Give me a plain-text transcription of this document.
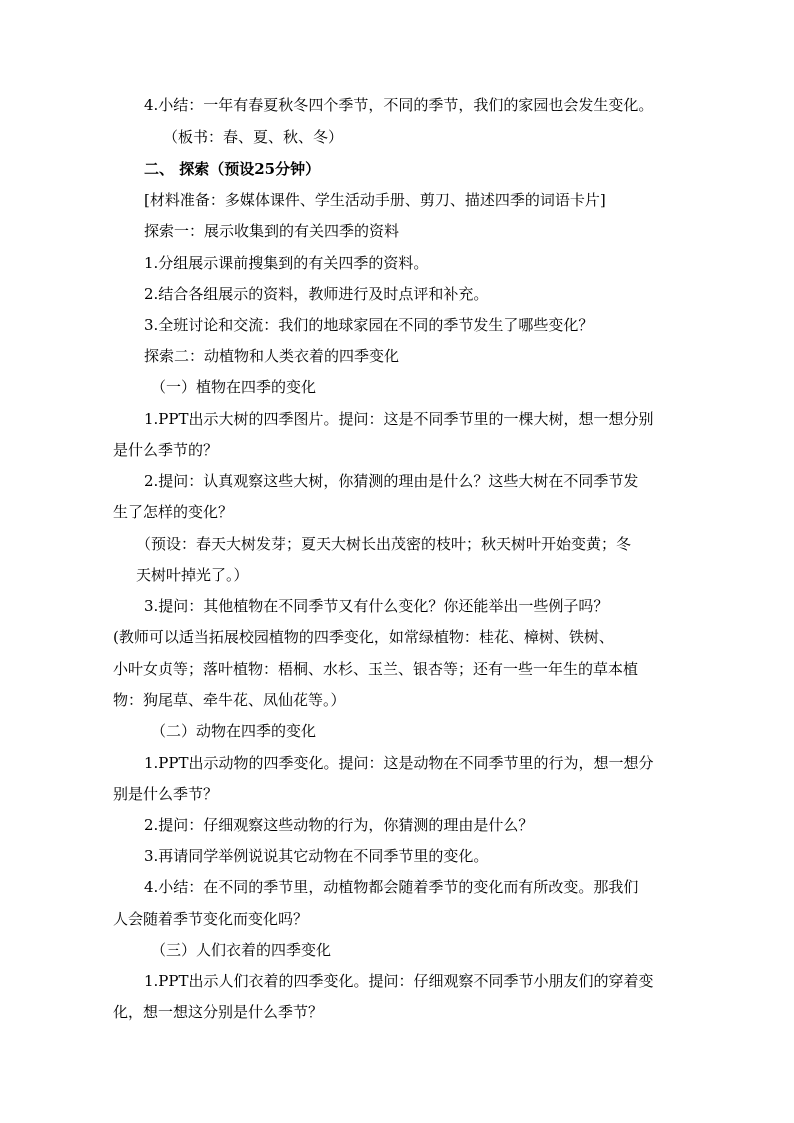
4.小结：一年有春夏秋冬四个季节，不同的季节，我们的家园也会发生变化。
（板书：春、夏、秋、冬）
二、 探索（预设25分钟）
[材料准备：多媒体课件、学生活动手册、剪刀、描述四季的词语卡片]
探索一：展示收集到的有关四季的资料
1.分组展示课前搜集到的有关四季的资料。
2.结合各组展示的资料，教师进行及时点评和补充。
3.全班讨论和交流：我们的地球家园在不同的季节发生了哪些变化？
探索二：动植物和人类衣着的四季变化
（一）植物在四季的变化
1.PPT出示大树的四季图片。提问：这是不同季节里的一棵大树，想一想分别
是什么季节的？
2.提问：认真观察这些大树，你猜测的理由是什么？这些大树在不同季节发
生了怎样的变化？
（预设：春天大树发芽；夏天大树长出茂密的枝叶；秋天树叶开始变黄；冬
天树叶掉光了。）
3.提问：其他植物在不同季节又有什么变化？你还能举出一些例子吗？
(教师可以适当拓展校园植物的四季变化，如常绿植物：桂花、樟树、铁树、
小叶女贞等；落叶植物：梧桐、水杉、玉兰、银杏等；还有一些一年生的草本植
物：狗尾草、牵牛花、凤仙花等。）
（二）动物在四季的变化
1.PPT出示动物的四季变化。提问：这是动物在不同季节里的行为，想一想分
别是什么季节？
2.提问：仔细观察这些动物的行为，你猜测的理由是什么？
3.再请同学举例说说其它动物在不同季节里的变化。
4.小结：在不同的季节里，动植物都会随着季节的变化而有所改变。那我们
人会随着季节变化而变化吗？
（三）人们衣着的四季变化
1.PPT出示人们衣着的四季变化。提问：仔细观察不同季节小朋友们的穿着变
化，想一想这分别是什么季节？
